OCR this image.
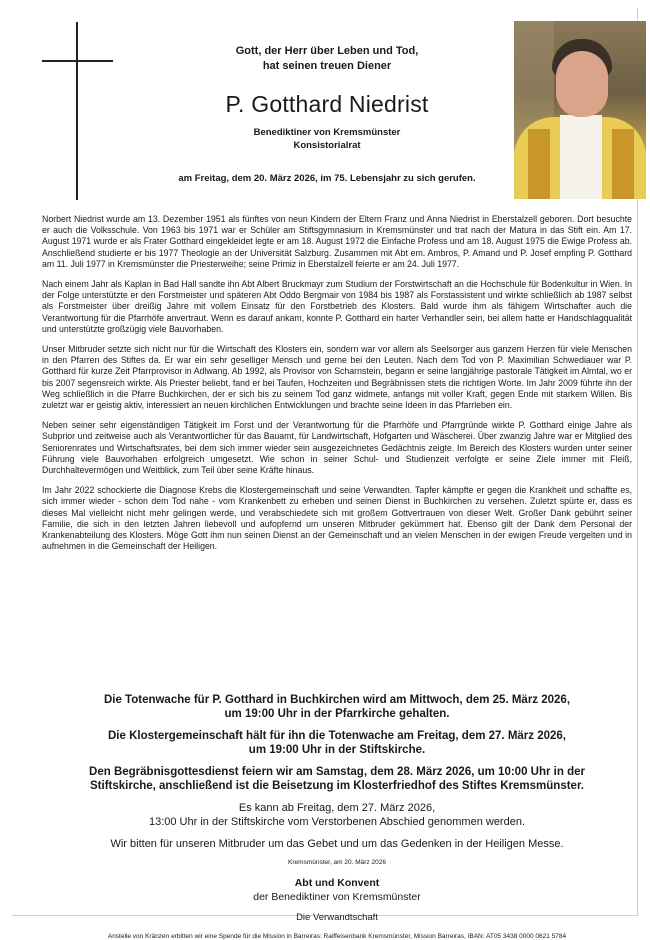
Gott, der Herr über Leben und Tod,

hat seinen treuen Diener

P. Gotthard Niedrist

Benediktiner von Kremsmünster

Konsistorialrat

am Freitag, dem 20. März 2026, im 75. Lebensjahr zu sich gerufen.

Norbert Niedrist wurde am 13. Dezember 1951 als fünftes von neun Kindern der Eltern Franz und Anna Niedrist in Eberstalzell geboren. Dort besuchte er auch die Volksschule. Von 1963 bis 1971 war er Schüler am Stiftsgymnasium in Kremsmünster und trat nach der Matura in das Stift ein. Am 17. August 1971 wurde er als Frater Gotthard eingekleidet legte er am 18. August 1972 die Einfache Profess und am 18. August 1975 die Ewige Profess ab. Anschließend studierte er bis 1977 Theologie an der Universität Salzburg. Zusammen mit Abt em. Ambros, P. Amand und P. Josef empfing P. Gotthard am 11. Juli 1977 in Kremsmünster die Priesterweihe; seine Primiz in Eberstalzell feierte er am 24. Juli 1977.

Nach einem Jahr als Kaplan in Bad Hall sandte ihn Abt Albert Bruckmayr zum Studium der Forstwirtschaft an die Hochschule für Bodenkultur in Wien. In der Folge unterstützte er den Forstmeister und späteren Abt Oddo Bergmair von 1984 bis 1987 als Forstassistent und wirkte schließlich ab 1987 selbst als Forstmeister über dreißig Jahre mit vollem Einsatz für den Forstbetrieb des Klosters. Bald wurde ihm als fähigem Wirtschafter auch die Verantwortung für die Pfarrhöfe anvertraut. Wenn es darauf ankam, konnte P. Gotthard ein harter Verhandler sein, bei allem hatte er Handschlagqualität und unterstützte großzügig viele Bauvorhaben.

Unser Mitbruder setzte sich nicht nur für die Wirtschaft des Klosters ein, sondern war vor allem als Seelsorger aus ganzem Herzen für viele Menschen in den Pfarren des Stiftes da. Er war ein sehr geselliger Mensch und gerne bei den Leuten. Nach dem Tod von P. Maximilian Schwediauer war P. Gotthard für kurze Zeit Pfarrprovisor in Adlwang. Ab 1992, als Provisor von Scharnstein, begann er seine langjährige pastorale Tätigkeit im Almtal, wo er bis 2007 segensreich wirkte. Als Priester beliebt, fand er bei Taufen, Hochzeiten und Begräbnissen stets die richtigen Worte. Im Jahr 2009 führte ihn der Weg schließlich in die Pfarre Buchkirchen, der er sich bis zu seinem Tod ganz widmete, anfangs mit voller Kraft, gegen Ende mit starkem Willen. Bis zuletzt war er geistig aktiv, interessiert an neuen kirchlichen Entwicklungen und brachte seine Ideen in das Pfarrleben ein.

Neben seiner sehr eigenständigen Tätigkeit im Forst und der Verantwortung für die Pfarrhöfe und Pfarrgründe wirkte P. Gotthard einige Jahre als Subprior und zeitweise auch als Verantwortlicher für das Bauamt, für Landwirtschaft, Hofgarten und Wäscherei. Über zwanzig Jahre war er Mitglied des Seniorenrates und Wirtschaftsrates, bei dem sich immer wieder sein ausgezeichnetes Gedächtnis zeigte. Im Bereich des Klosters wurden unter seiner Führung viele Bauvorhaben erfolgreich umgesetzt. Wie schon in seiner Schul- und Studienzeit verfolgte er seine Ziele immer mit Fleiß, Durchhaltevermögen und Weitblick, zum Teil über seine Kräfte hinaus.

Im Jahr 2022 schockierte die Diagnose Krebs die Klostergemeinschaft und seine Verwandten. Tapfer kämpfte er gegen die Krankheit und schaffte es, sich immer wieder - schon dem Tod nahe - vom Krankenbett zu erheben und seinen Dienst in Buchkirchen zu versehen. Zuletzt spürte er, dass es dieses Mal vielleicht nicht mehr gelingen werde, und verabschiedete sich mit großem Gottvertrauen von dieser Welt. Großer Dank gebührt seiner Familie, die sich in den letzten Jahren liebevoll und aufopfernd um unseren Mitbruder gekümmert hat. Ebenso gilt der Dank dem Personal der Krankenabteilung des Klosters. Möge Gott ihm nun seinen Dienst an der Gemeinschaft und an vielen Menschen in der ewigen Freude vergelten und in aufnehmen in die Gemeinschaft der Heiligen.

Die Totenwache für P. Gotthard in Buchkirchen wird am Mittwoch, dem 25. März 2026,
um 19:00 Uhr in der Pfarrkirche gehalten.

Die Klostergemeinschaft hält für ihn die Totenwache am Freitag, dem 27. März 2026,
um 19:00 Uhr in der Stiftskirche.

Den Begräbnisgottesdienst feiern wir am Samstag, dem 28. März 2026, um 10:00 Uhr in der
Stiftskirche, anschließend ist die Beisetzung im Klosterfriedhof des Stiftes Kremsmünster.

Es kann ab Freitag, dem 27. März 2026,
13:00 Uhr in der Stiftskirche vom Verstorbenen Abschied genommen werden.

Wir bitten für unseren Mitbruder um das Gebet und um das Gedenken in der Heiligen Messe.

Kremsmünster, am 20. März 2026

Abt und Konvent

der Benediktiner von Kremsmünster

Die Verwandtschaft

Anstelle von Kränzen erbitten wir eine Spende für die Mission in Barreiras: Raiffeisenbank Kremsmünster, Mission Barreiras, IBAN: AT05 3438 0000 0621 5784
